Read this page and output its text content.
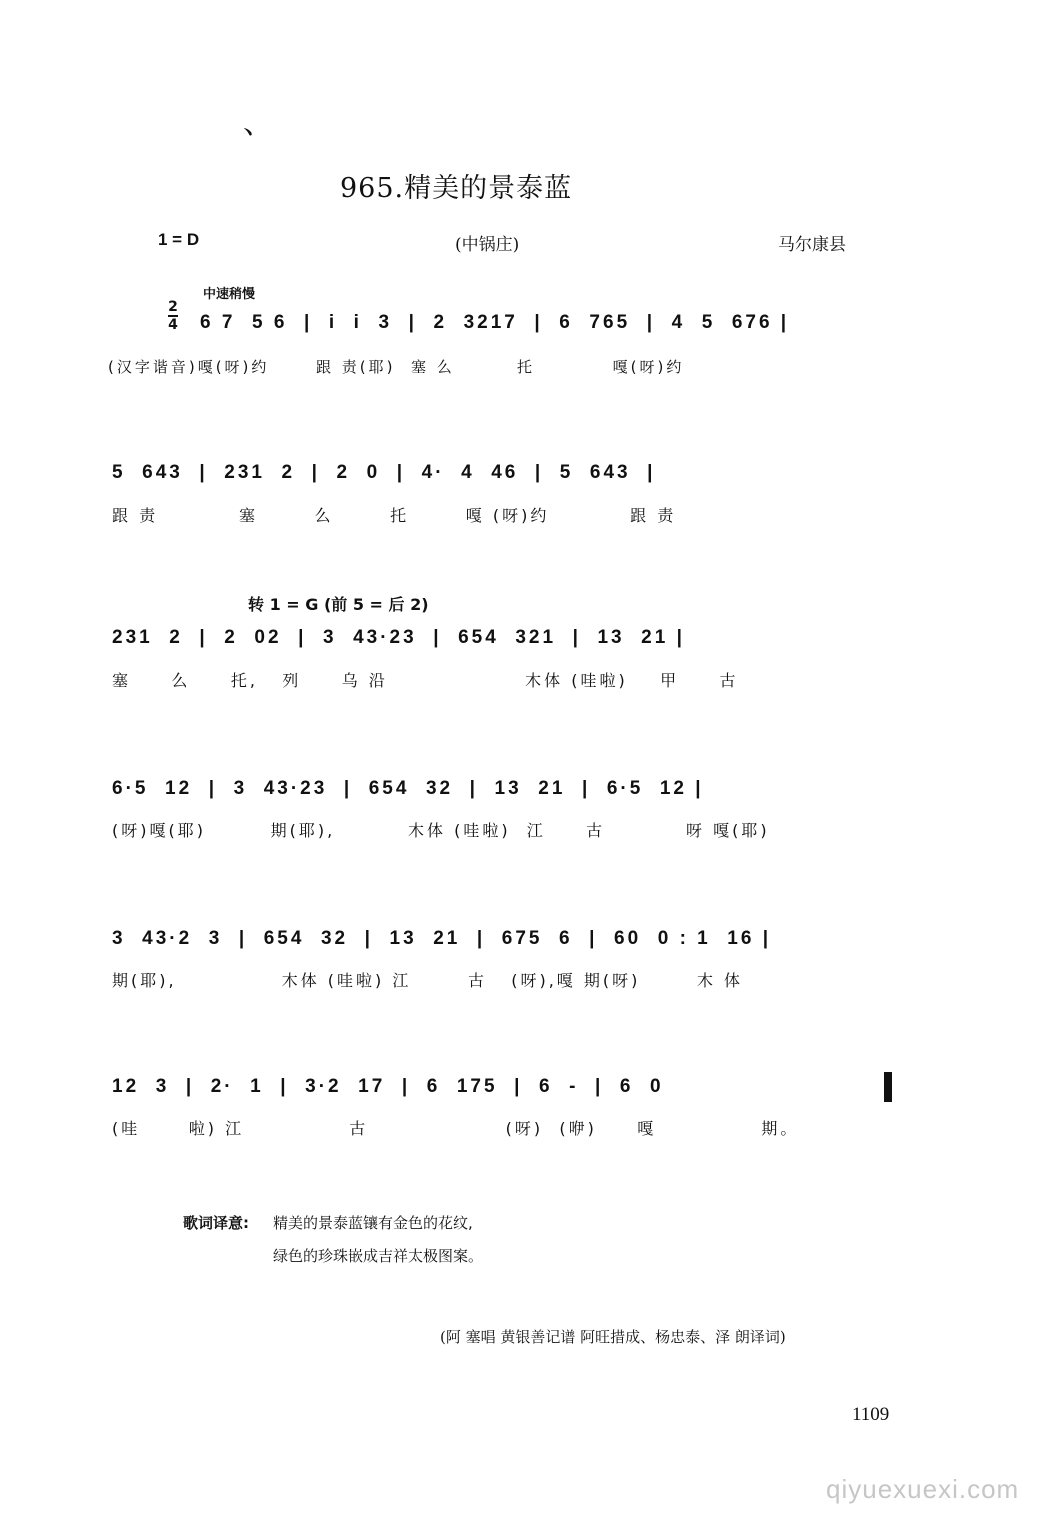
、
965.精美的景泰蓝
1 = D	(中锅庄)	马尔康县
中速稍慢
2
4 6 7  5 6  |  i  i  3  |  2  3217  |  6  765  |  4  5  676 |
(汉字谐音)嘎(呀)约      跟 责(耶)  塞 么        托          嘎(呀)约
5  643  |  231  2  |  2  0  |  4·  4  46  |  5  643  |
跟 责          塞       么       托       嘎 (呀)约          跟 责
转 1 = G (前 5 = 后 2)
231  2  |  2  02  |  3  43·23  |  654  321  |  13  21 |
塞     么     托,   列     乌 沿                 木体 (哇啦)    甲     古
6·5  12  |  3  43·23  |  654  32  |  13  21  |  6·5  12 |
(呀)嘎(耶)        期(耶),         木体 (哇啦)  江     古          呀 嘎(耶)
3  43·2  3  |  654  32  |  13  21  |  675  6  |  60  0 : 1  16 |
期(耶),             木体 (哇啦) 江       古   (呀),嘎 期(呀)       木 体
12  3  |  2·  1  |  3·2  17  |  6  175  |  6  -  |  6  0
(哇      啦) 江             古                 (呀)  (咿)     嘎             期。
歌词译意: 精美的景泰蓝镶有金色的花纹,
绿色的珍珠嵌成吉祥太极图案。
(阿 塞唱 黄银善记谱 阿旺措成、杨忠泰、泽 朗译词)
1109
qiyuexuexi.com
